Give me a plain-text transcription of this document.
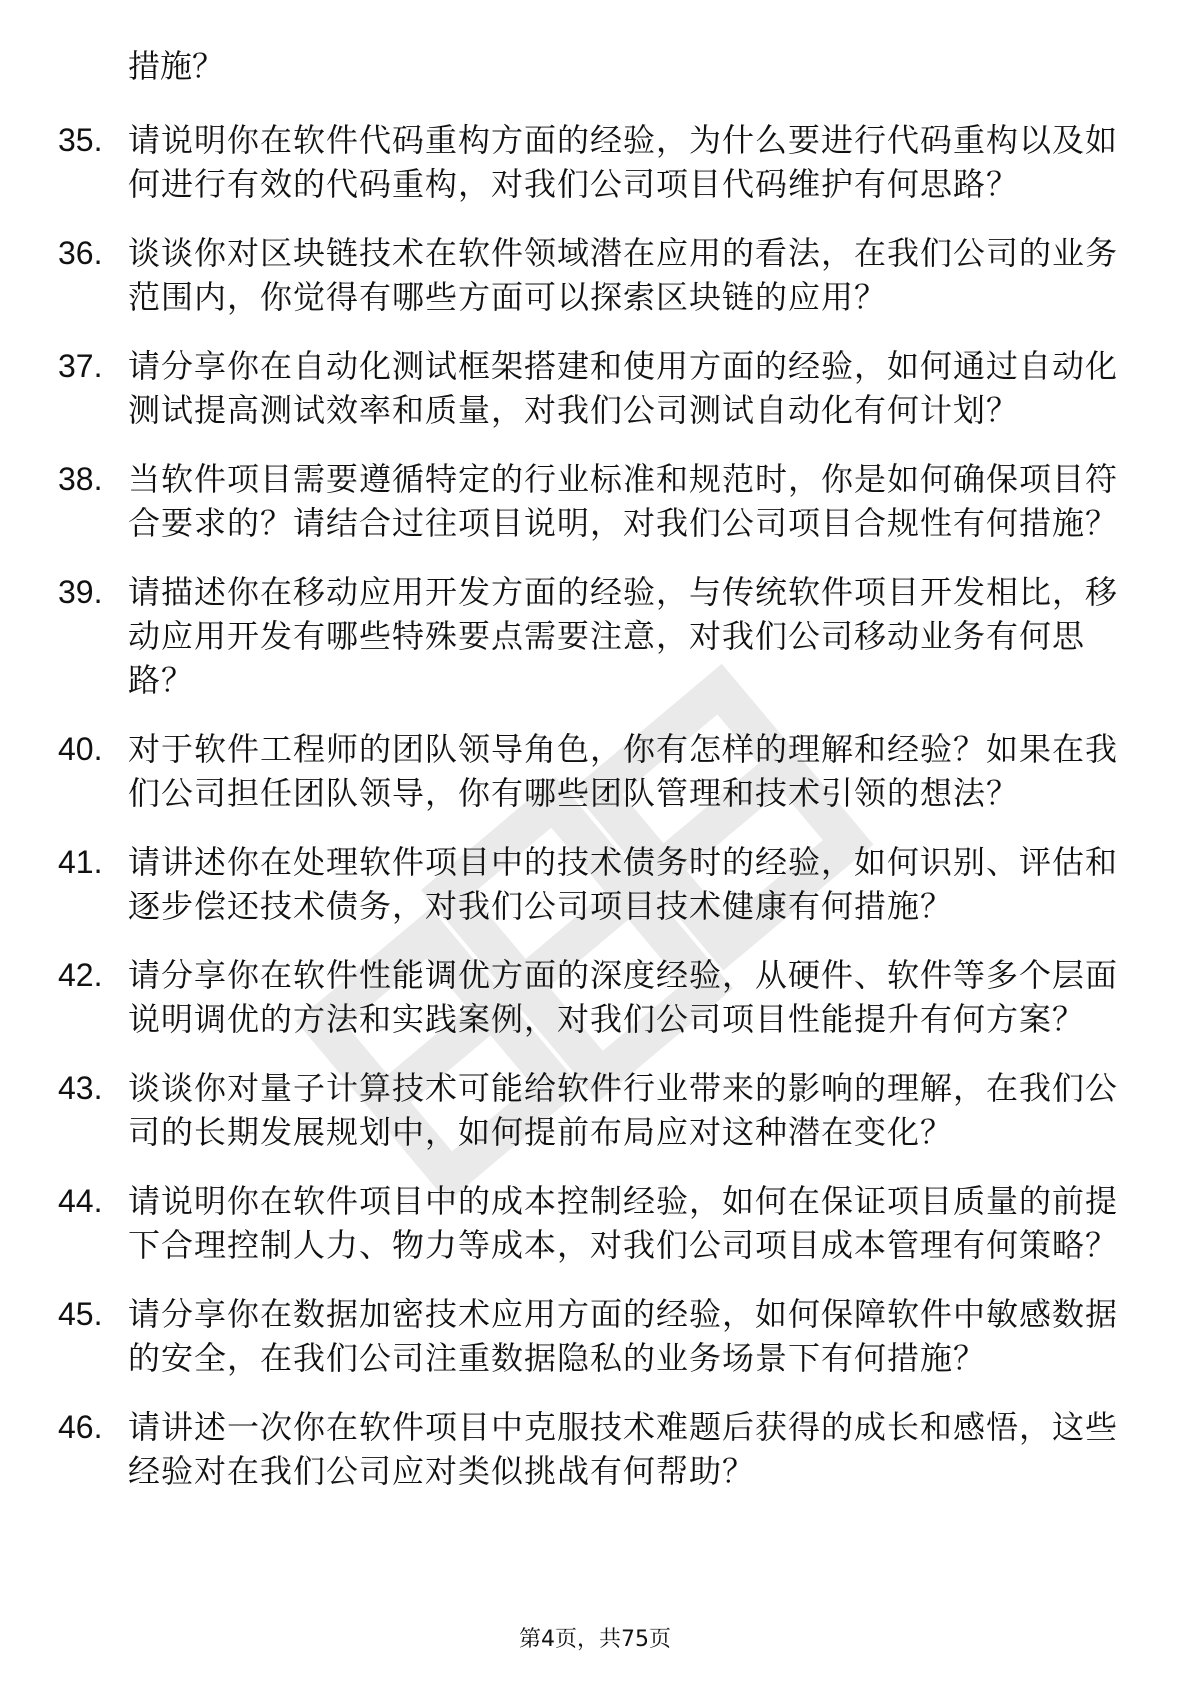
措施？
35. 请说明你在软件代码重构方面的经验，为什么要进行代码重构以及如何进行有效的代码重构，对我们公司项目代码维护有何思路？
36. 谈谈你对区块链技术在软件领域潜在应用的看法，在我们公司的业务范围内，你觉得有哪些方面可以探索区块链的应用？
37. 请分享你在自动化测试框架搭建和使用方面的经验，如何通过自动化测试提高测试效率和质量，对我们公司测试自动化有何计划？
38. 当软件项目需要遵循特定的行业标准和规范时，你是如何确保项目符合要求的？请结合过往项目说明，对我们公司项目合规性有何措施？
39. 请描述你在移动应用开发方面的经验，与传统软件项目开发相比，移动应用开发有哪些特殊要点需要注意，对我们公司移动业务有何思路？
40. 对于软件工程师的团队领导角色，你有怎样的理解和经验？如果在我们公司担任团队领导，你有哪些团队管理和技术引领的想法？
41. 请讲述你在处理软件项目中的技术债务时的经验，如何识别、评估和逐步偿还技术债务，对我们公司项目技术健康有何措施？
42. 请分享你在软件性能调优方面的深度经验，从硬件、软件等多个层面说明调优的方法和实践案例，对我们公司项目性能提升有何方案？
43. 谈谈你对量子计算技术可能给软件行业带来的影响的理解，在我们公司的长期发展规划中，如何提前布局应对这种潜在变化？
44. 请说明你在软件项目中的成本控制经验，如何在保证项目质量的前提下合理控制人力、物力等成本，对我们公司项目成本管理有何策略？
45. 请分享你在数据加密技术应用方面的经验，如何保障软件中敏感数据的安全，在我们公司注重数据隐私的业务场景下有何措施？
46. 请讲述一次你在软件项目中克服技术难题后获得的成长和感悟，这些经验对在我们公司应对类似挑战有何帮助？
第4页，共75页
